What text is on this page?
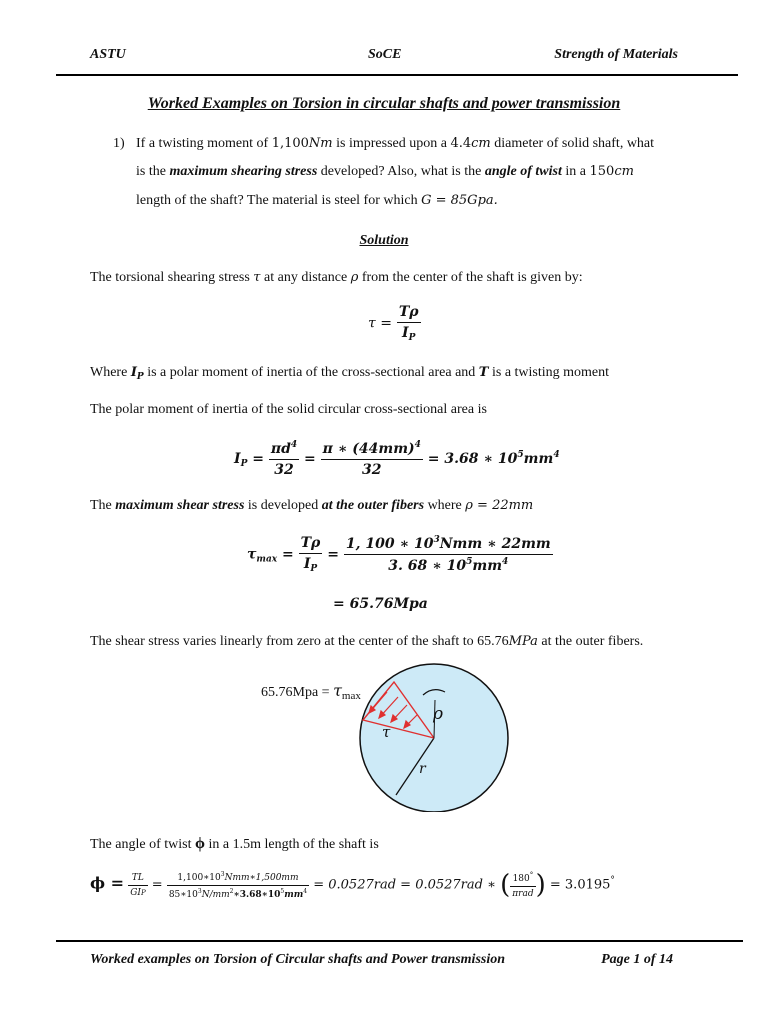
ASTU	SoCE	Strength of Materials
Worked Examples on Torsion in circular shafts and power transmission
1) If a twisting moment of 1,100Nm is impressed upon a 4.4cm diameter of solid shaft, what
is the maximum shearing stress developed? Also, what is the angle of twist in a 150cm
length of the shaft? The material is steel for which G = 85Gpa.
Solution
The torsional shearing stress τ at any distance ρ from the center of the shaft is given by:
$\tau = \frac{T\rho}{I_P}$
Where $I_P$ is a polar moment of inertia of the cross-sectional area and T is a twisting moment
The polar moment of inertia of the solid circular cross-sectional area is
$I_P = \frac{\pi d^4}{32} = \frac{\pi ∗ (44mm)^4}{32} = 3.68$ ∗ $10^5mm^4$
The maximum shear stress is developed at the outer fibers where ρ = 22mm
$\tau_{max} = \frac{T\rho}{I_P} = \frac{1, 100 ∗ 10^3Nmm ∗ 22mm}{3. 68 ∗ 10^5mm^4}$
= 65.76Mpa
The shear stress varies linearly from zero at the center of the shaft to 65.76MPa at the outer fibers.
$65.76Mpa = \tau_{max}$
τ
ρ
r
The angle of twist ϕ in a 1.5m length of the shaft is
$\phi = \frac{TL}{\text{GIP}} = \frac{1,100∗10^3Nmm∗1,500mm}{85∗10^3N/mm^2∗3.68∗10^5mm^4} = 0.0527rad = 0.0527rad$ ∗ ( $\frac{180^\circ}{\text{πrad}}$ ) = 3.0195°
Worked examples on Torsion of Circular shafts and Power transmission	Page 1 of 14
